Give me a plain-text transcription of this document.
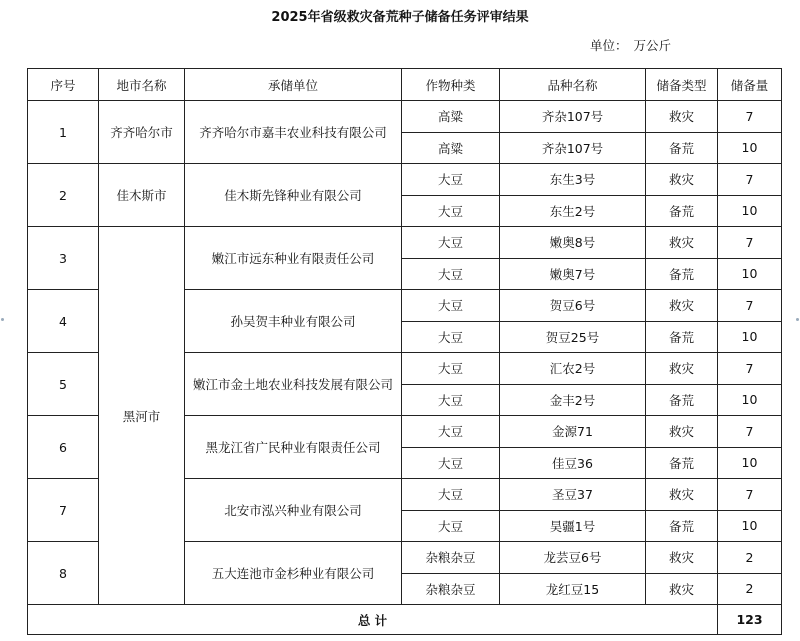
2025年省级救灾备荒种子储备任务评审结果
单位： 万公斤
序号	地市名称	承储单位	作物种类	品种名称	储备类型	储备量
1	齐齐哈尔市	齐齐哈尔市嘉丰农业科技有限公司	高粱	齐杂107号	救灾	7
			高粱	齐杂107号	备荒	10
2	佳木斯市	佳木斯先锋种业有限公司	大豆	东生3号	救灾	7
			大豆	东生2号	备荒	10
3	黑河市	嫩江市远东种业有限责任公司	大豆	嫩奥8号	救灾	7
			大豆	嫩奥7号	备荒	10
4		孙吴贺丰种业有限公司	大豆	贺豆6号	救灾	7
			大豆	贺豆25号	备荒	10
5		嫩江市金土地农业科技发展有限公司	大豆	汇农2号	救灾	7
			大豆	金丰2号	备荒	10
6		黑龙江省广民种业有限责任公司	大豆	金源71	救灾	7
			大豆	佳豆36	备荒	10
7		北安市泓兴种业有限公司	大豆	圣豆37	救灾	7
			大豆	昊疆1号	备荒	10
8		五大连池市金杉种业有限公司	杂粮杂豆	龙芸豆6号	救灾	2
			杂粮杂豆	龙红豆15	救灾	2
总 计						123
